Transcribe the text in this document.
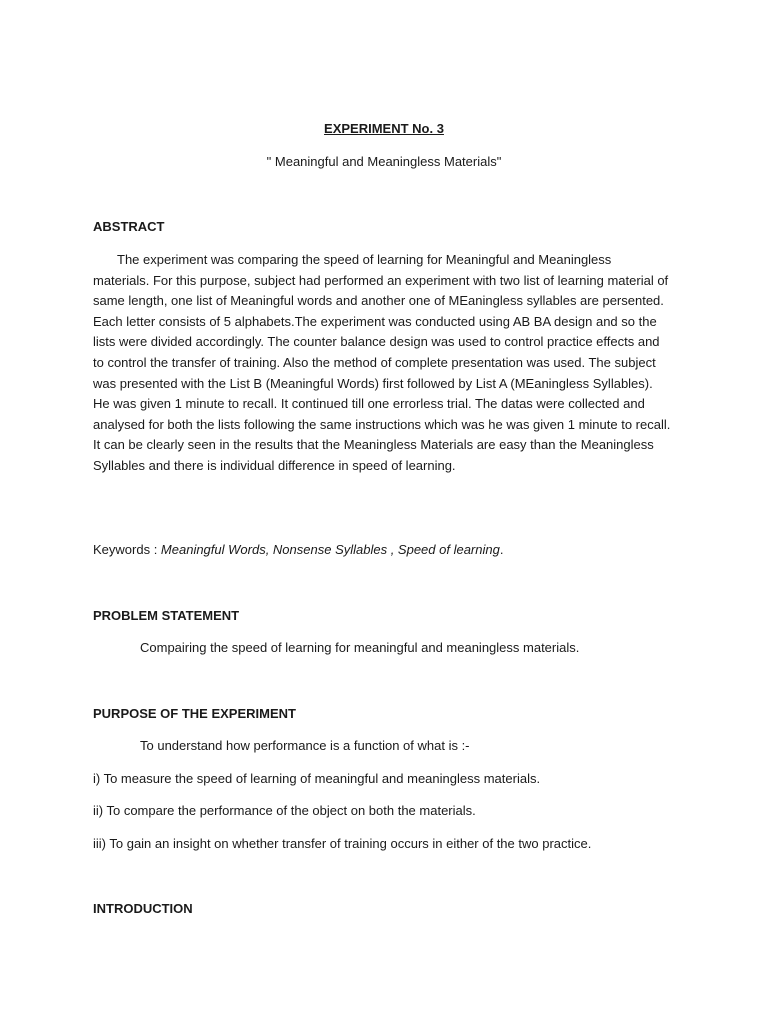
EXPERIMENT No. 3

" Meaningful and Meaningless Materials"

ABSTRACT

The experiment was comparing the speed of learning for Meaningful and Meaningless materials. For this purpose, subject had performed an experiment with two list of learning material of same length, one list of Meaningful words and another one of MEaningless syllables are persented. Each letter consists of 5 alphabets.The experiment was conducted using AB BA design and so the lists were divided accordingly. The counter balance design was used to control practice effects and to control the transfer of training. Also the method of complete presentation was used. The subject was presented with the List B (Meaningful Words) first followed by List A (MEaningless Syllables). He was given 1 minute to recall. It continued till one errorless trial. The datas were collected and analysed for both the lists following the same instructions which was he was given 1 minute to recall. It can be clearly seen in the results that the Meaningless Materials are easy than the Meaningless Syllables and there is individual difference in speed of learning.

Keywords : Meaningful Words, Nonsense Syllables , Speed of learning.

PROBLEM STATEMENT

Compairing the speed of learning for meaningful and meaningless materials.

PURPOSE OF THE EXPERIMENT

To understand how performance is a function of what is :-

i) To measure the speed of learning of meaningful and meaningless materials.

ii) To compare the performance of the object on both the materials.

iii) To gain an insight on whether transfer of training occurs in either of the two practice.

INTRODUCTION
